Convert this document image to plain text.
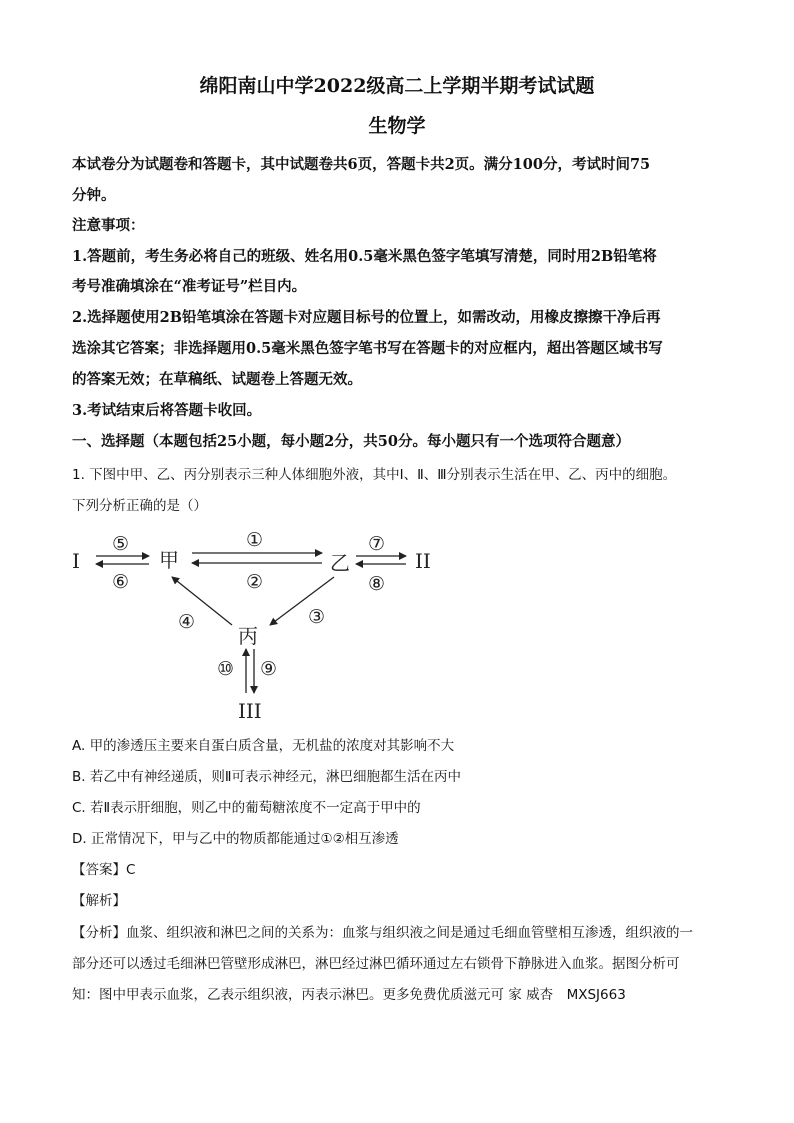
绵阳南山中学2022级高二上学期半期考试试题
生物学
本试卷分为试题卷和答题卡，其中试题卷共6页，答题卡共2页。满分100分，考试时间75
分钟。
注意事项：
1.答题前，考生务必将自己的班级、姓名用0.5毫米黑色签字笔填写清楚，同时用2B铅笔将
考号准确填涂在“准考证号”栏目内。
2.选择题使用2B铅笔填涂在答题卡对应题目标号的位置上，如需改动，用橡皮擦擦干净后再
选涂其它答案；非选择题用0.5毫米黑色签字笔书写在答题卡的对应框内，超出答题区域书写
的答案无效；在草稿纸、试题卷上答题无效。
3.考试结束后将答题卡收回。
一、选择题（本题包括25小题，每小题2分，共50分。每小题只有一个选项符合题意）
1. 下图中甲、乙、丙分别表示三种人体细胞外液，其中Ⅰ、Ⅱ、Ⅲ分别表示生活在甲、乙、丙中的细胞。
下列分析正确的是（）
I	甲	乙	II
丙
III
⑤
⑥
①
②
⑦
⑧
④	③
⑩ ⑨
A. 甲的渗透压主要来自蛋白质含量，无机盐的浓度对其影响不大
B. 若乙中有神经递质，则Ⅱ可表示神经元，淋巴细胞都生活在丙中
C. 若Ⅱ表示肝细胞，则乙中的葡萄糖浓度不一定高于甲中的
D. 正常情况下，甲与乙中的物质都能通过①②相互渗透
【答案】C
【解析】
【分析】血浆、组织液和淋巴之间的关系为：血浆与组织液之间是通过毛细血管壁相互渗透，组织液的一
部分还可以透过毛细淋巴管壁形成淋巴，淋巴经过淋巴循环通过左右锁骨下静脉进入血浆。据图分析可
知：图中甲表示血浆，乙表示组织液，丙表示淋巴。更多免费优质滋元可 家 威杏　MXSJ663
